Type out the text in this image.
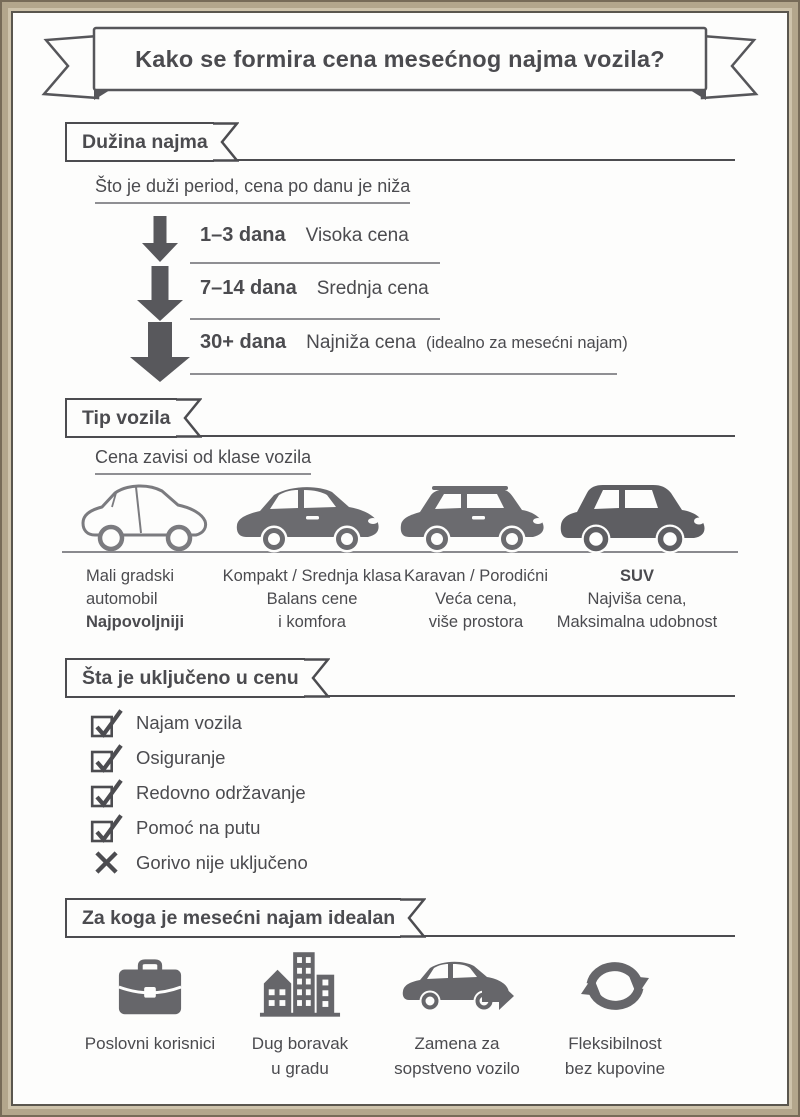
Kako se formira cena mesećnog najma vozila?
Dužina najma
Što je duži period, cena po danu je niža
1–3 dana Visoka cena
7–14 dana Srednja cena
30+ dana Najniža cena (idealno za mesećni najam)
Tip vozila
Cena zavisi od klase vozila
Mali gradski
automobil
Najpovoljniji
Kompakt / Srednja klasa
Balans cene
i komfora
Karavan / Porodićni
Veća cena,
više prostora
SUV
Najviša cena,
Maksimalna udobnost
Šta je uključeno u cenu
Najam vozila
Osiguranje
Redovno održavanje
Pomoć na putu
Gorivo nije uključeno
Za koga je mesećni najam idealan
Poslovni korisnici Dug boravak
u gradu
Zamena za
sopstveno vozilo
Fleksibilnost
bez kupovine
